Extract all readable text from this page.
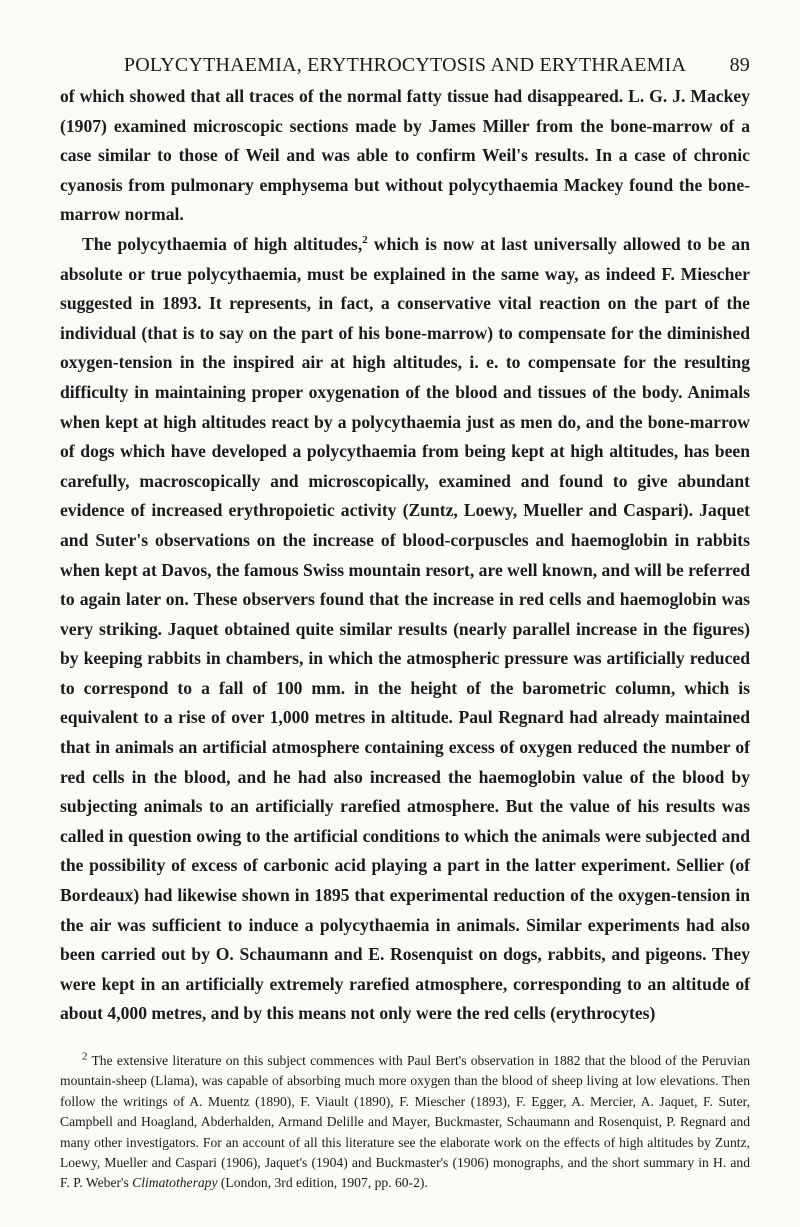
POLYCYTHAEMIA, ERYTHROCYTOSIS AND ERYTHRAEMIA 89

of which showed that all traces of the normal fatty tissue had disappeared. L. G. J. Mackey (1907) examined microscopic sections made by James Miller from the bone-marrow of a case similar to those of Weil and was able to confirm Weil's results. In a case of chronic cyanosis from pulmonary emphysema but without polycythaemia Mackey found the bone-marrow normal.

The polycythaemia of high altitudes,$^2$ which is now at last universally allowed to be an absolute or true polycythaemia, must be explained in the same way, as indeed F. Miescher suggested in 1893. It represents, in fact, a conservative vital reaction on the part of the individual (that is to say on the part of his bone-marrow) to compensate for the diminished oxygen-tension in the inspired air at high altitudes, i. e. to compensate for the resulting difficulty in maintaining proper oxygenation of the blood and tissues of the body. Animals when kept at high altitudes react by a polycythaemia just as men do, and the bone-marrow of dogs which have developed a polycythaemia from being kept at high altitudes, has been carefully, macroscopically and microscopically, examined and found to give abundant evidence of increased erythropoietic activity (Zuntz, Loewy, Mueller and Caspari). Jaquet and Suter's observations on the increase of blood-corpuscles and haemoglobin in rabbits when kept at Davos, the famous Swiss mountain resort, are well known, and will be referred to again later on. These observers found that the increase in red cells and haemoglobin was very striking. Jaquet obtained quite similar results (nearly parallel increase in the figures) by keeping rabbits in chambers, in which the atmospheric pressure was artificially reduced to correspond to a fall of 100 mm. in the height of the barometric column, which is equivalent to a rise of over 1,000 metres in altitude. Paul Regnard had already maintained that in animals an artificial atmosphere containing excess of oxygen reduced the number of red cells in the blood, and he had also increased the haemoglobin value of the blood by subjecting animals to an artificially rarefied atmosphere. But the value of his results was called in question owing to the artificial conditions to which the animals were subjected and the possibility of excess of carbonic acid playing a part in the latter experiment. Sellier (of Bordeaux) had likewise shown in 1895 that experimental reduction of the oxygen-tension in the air was sufficient to induce a polycythaemia in animals. Similar experiments had also been carried out by O. Schaumann and E. Rosenquist on dogs, rabbits, and pigeons. They were kept in an artificially extremely rarefied atmosphere, corresponding to an altitude of about 4,000 metres, and by this means not only were the red cells (erythrocytes)

$^2$ The extensive literature on this subject commences with Paul Bert's observation in 1882 that the blood of the Peruvian mountain-sheep (Llama), was capable of absorbing much more oxygen than the blood of sheep living at low elevations. Then follow the writings of A. Muentz (1890), F. Viault (1890), F. Miescher (1893), F. Egger, A. Mercier, A. Jaquet, F. Suter, Campbell and Hoagland, Abderhalden, Armand Delille and Mayer, Buckmaster, Schaumann and Rosenquist, P. Regnard and many other investigators. For an account of all this literature see the elaborate work on the effects of high altitudes by Zuntz, Loewy, Mueller and Caspari (1906), Jaquet's (1904) and Buckmaster's (1906) monographs, and the short summary in H. and F. P. Weber's Climatotherapy (London, 3rd edition, 1907, pp. 60-2).
